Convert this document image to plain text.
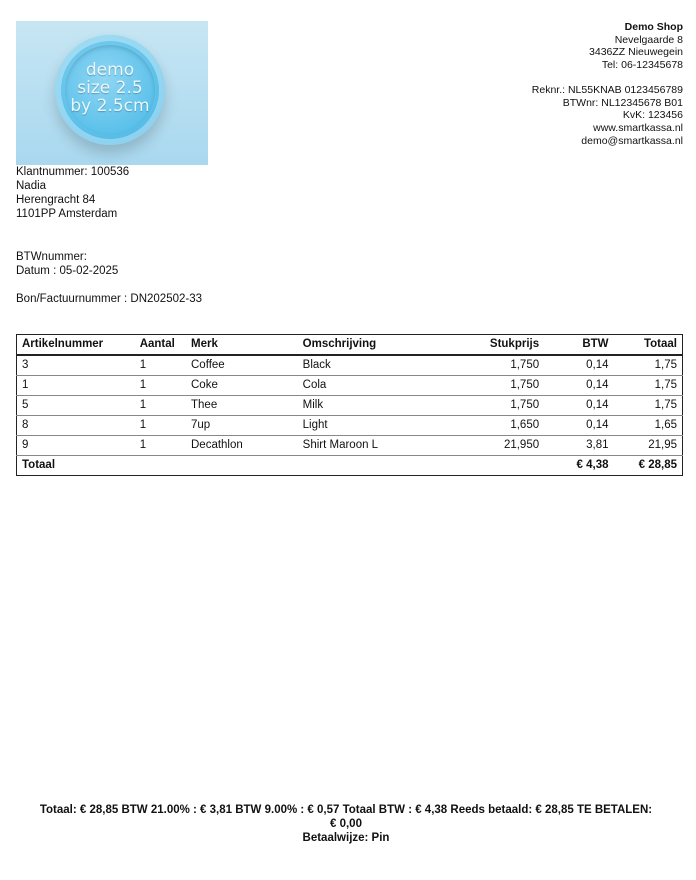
demo
size 2.5
by 2.5cm
Demo Shop
Nevelgaarde 8
3436ZZ Nieuwegein
Tel: 06-12345678
Reknr.: NL55KNAB 0123456789
BTWnr: NL12345678 B01
KvK: 123456
www.smartkassa.nl
demo@smartkassa.nl
Klantnummer: 100536
Nadia
Herengracht 84
1101PP Amsterdam
BTWnummer:
Datum : 05-02-2025
Bon/Factuurnummer : DN202502-33
Artikelnummer	Aantal	Merk	Omschrijving	Stukprijs	BTW	Totaal
3	1	Coffee	Black	1,750	0,14	1,75
1	1	Coke	Cola	1,750	0,14	1,75
5	1	Thee	Milk	1,750	0,14	1,75
8	1	7up	Light	1,650	0,14	1,65
9	1	Decathlon	Shirt Maroon L	21,950	3,81	21,95
Totaal					€ 4,38	€ 28,85
Totaal: € 28,85 BTW 21.00% : € 3,81 BTW 9.00% : € 0,57 Totaal BTW : € 4,38 Reeds betaald: € 28,85 TE BETALEN:
€ 0,00
Betaalwijze: Pin
